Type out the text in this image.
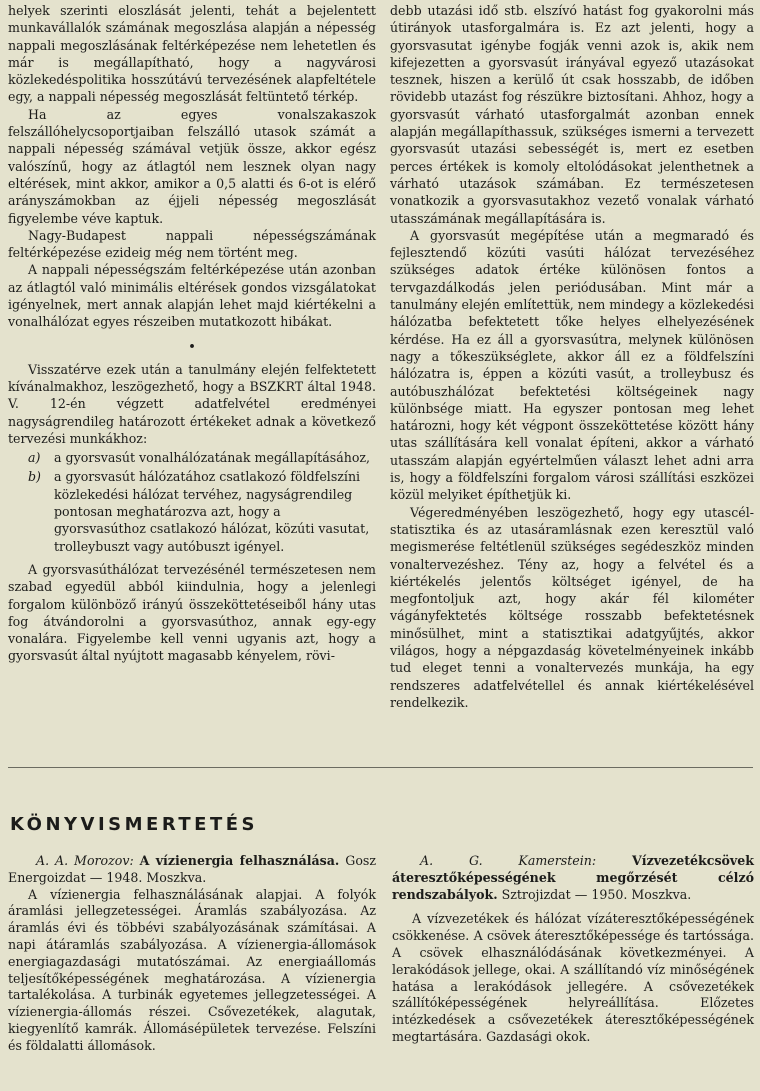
helyek szerinti eloszlását jelenti, tehát a bejelentett munkavállalók számának megoszlása alapján a népesség nappali megoszlásának feltérképezése nem lehetetlen és már is megállapítható, hogy a nagyvárosi közlekedéspolitika hosszútávú tervezésének alapfeltétele egy, a nappali népesség megoszlását feltüntető térkép.

Ha az egyes vonalszakaszok felszállóhelycsoportjaiban felszálló utasok számát a nappali népesség számával vetjük össze, akkor egész valószínű, hogy az átlagtól nem lesznek olyan nagy eltérések, mint akkor, amikor a 0,5 alatti és 6-ot is elérő arányszámokban az éjjeli népesség megoszlását figyelembe véve kaptuk.

Nagy-Budapest nappali népességszámának feltérképezése ezideig még nem történt meg.

A nappali népességszám feltérképezése után azonban az átlagtól való minimális eltérések gondos vizsgálatokat igényelnek, mert annak alapján lehet majd kiértékelni a vonalhálózat egyes részeiben mutatkozott hibákat.

•

Visszatérve ezek után a tanulmány elején felfektetett kívánalmakhoz, leszögezhető, hogy a BSZKRT által 1948. V. 12-én végzett adatfelvétel eredményei nagyságrendileg határozott értékeket adnak a következő tervezési munkákhoz:

a)	a gyorsvasút vonalhálózatának megállapításához,
b)	a gyorsvasút hálózatához csatlakozó földfelszíni közlekedési hálózat tervéhez, nagyságrendileg pontosan meghatározva azt, hogy a gyorsvasúthoz csatlakozó hálózat, közúti vasutat, trolleybuszt vagy autóbuszt igényel.

A gyorsvasúthálózat tervezésénél természetesen nem szabad egyedül abból kiindulnia, hogy a jelenlegi forgalom különböző irányú összeköttetéseiből hány utas fog átvándorolni a gyorsvasúthoz, annak egy-egy vonalára. Figyelembe kell venni ugyanis azt, hogy a gyorsvasút által nyújtott magasabb kényelem, rövi-

debb utazási idő stb. elszívó hatást fog gyakorolni más útirányok utasforgalmára is. Ez azt jelenti, hogy a gyorsvasutat igénybe fogják venni azok is, akik nem kifejezetten a gyorsvasút irányával egyező utazásokat tesznek, hiszen a kerülő út csak hosszabb, de időben rövidebb utazást fog részükre biztosítani. Ahhoz, hogy a gyorsvasút várható utasforgalmát azonban ennek alapján megállapíthassuk, szükséges ismerni a tervezett gyorsvasút utazási sebességét is, mert ez esetben perces értékek is komoly eltolódásokat jelenthetnek a várható utazások számában. Ez természetesen vonatkozik a gyorsvasutakhoz vezető vonalak várható utasszámának megállapítására is.

A gyorsvasút megépítése után a megmaradó és fejlesztendő közúti vasúti hálózat tervezéséhez szükséges adatok értéke különösen fontos a tervgazdálkodás jelen periódusában. Mint már a tanulmány elején említettük, nem mindegy a közlekedési hálózatba befektetett tőke helyes elhelyezésének kérdése. Ha ez áll a gyorsvasútra, melynek különösen nagy a tőkeszükséglete, akkor áll ez a földfelszíni hálózatra is, éppen a közúti vasút, a trolleybusz és autóbuszhálózat befektetési költségeinek nagy különbsége miatt. Ha egyszer pontosan meg lehet határozni, hogy két végpont összeköttetése között hány utas szállítására kell vonalat építeni, akkor a várható utasszám alapján egyértelműen választ lehet adni arra is, hogy a földfelszíni forgalom városi szállítási eszközei közül melyiket építhetjük ki.

Végeredményében leszögezhető, hogy egy utascél-statisztika és az utasáramlásnak ezen keresztül való megismerése feltétlenül szükséges segédeszköz minden vonaltervezéshez. Tény az, hogy a felvétel és a kiértékelés jelentős költséget igényel, de ha megfontoljuk azt, hogy akár fél kilométer vágányfektetés költsége rosszabb befektetésnek minősülhet, mint a statisztikai adatgyűjtés, akkor világos, hogy a népgazdaság követelményeinek inkább tud eleget tenni a vonaltervezés munkája, ha egy rendszeres adatfelvétellel és annak kiértékelésével rendelkezik.

KÖNYVISMERTETÉS

A. A. Morozov: A vízienergia felhasználása. Gosz Energoizdat — 1948. Moszkva.

A vízienergia felhasználásának alapjai. A folyók áramlási jellegzetességei. Áramlás szabályozása. Az áramlás évi és többévi szabályozásának számításai. A napi átáramlás szabályozása. A vízienergia-állomások energiagazdasági mutatószámai. Az energiaállomás teljesítőképességének meghatározása. A vízienergia tartalékolása. A turbinák egyetemes jellegzetességei. A vízienergia-állomás részei. Csővezetékek, alagutak, kiegyenlítő kamrák. Állomásépületek tervezése. Felszíni és földalatti állomások.

A. G. Kamerstein:	Vízvezetékcsövek áteresztőképességének megőrzését célzó rendszabályok. Sztrojizdat — 1950. Moszkva.

A vízvezetékek és hálózat vízáteresztőképességének csökkenése. A csövek áteresztőképessége és tartóssága. A csövek elhasználódásának következményei. A lerakódások jellege, okai. A szállítandó víz minőségének hatása a lerakódások jellegére. A csővezetékek szállítóképességének helyreállítása. Előzetes intézkedések a csővezetékek áteresztőképességének megtartására. Gazdasági okok.
